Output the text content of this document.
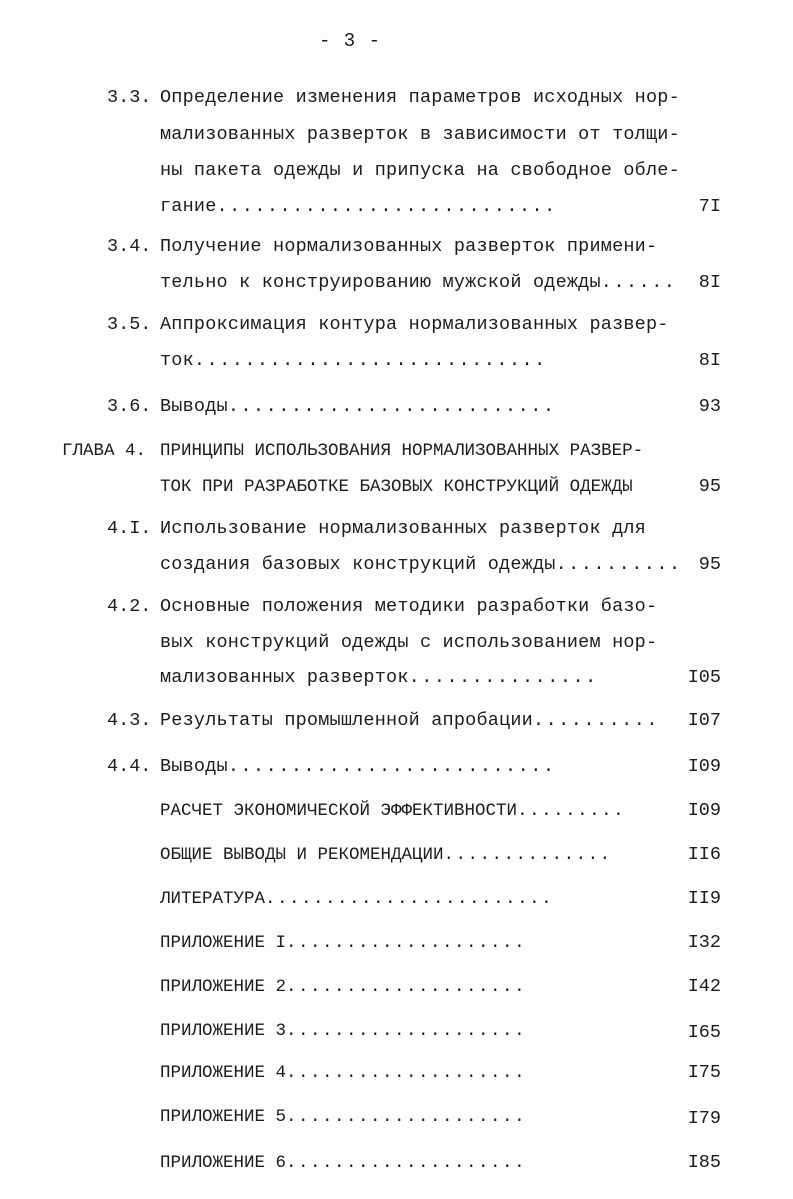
- 3 -
3.3. Определение изменения параметров исходных нор-
мализованных разверток в зависимости от толщи-
ны пакета одежды и припуска на свободное обле-
гание...........................	7I
3.4. Получение нормализованных разверток примени-
тельно к конструированию мужской одежды...... 8I
3.5. Аппроксимация контура нормализованных развер-
ток............................	8I
3.6. Выводы..........................	93
ГЛАВА 4. ПРИНЦИПЫ ИСПОЛЬЗОВАНИЯ НОРМАЛИЗОВАННЫХ РАЗВЕР-
ТОК ПРИ РАЗРАБОТКЕ БАЗОВЫХ КОНСТРУКЦИЙ ОДЕЖДЫ	95
4.I. Использование нормализованных разверток для
создания базовых конструкций одежды.......... 95
4.2. Основные положения методики разработки базо-
вых конструкций одежды с использованием нор-
мализованных разверток...............	I05
4.3. Результаты промышленной апробации.......... I07
4.4. Выводы..........................	I09
РАСЧЕТ ЭКОНОМИЧЕСКОЙ ЭФФЕКТИВНОСТИ.........	I09
ОБЩИЕ ВЫВОДЫ И РЕКОМЕНДАЦИИ..............	II6
ЛИТЕРАТУРА........................	II9
ПРИЛОЖЕНИЕ I....................	I32
ПРИЛОЖЕНИЕ 2....................	I42
ПРИЛОЖЕНИЕ 3....................	I65
ПРИЛОЖЕНИЕ 4....................	I75
ПРИЛОЖЕНИЕ 5....................	I79
ПРИЛОЖЕНИЕ 6....................	I85
